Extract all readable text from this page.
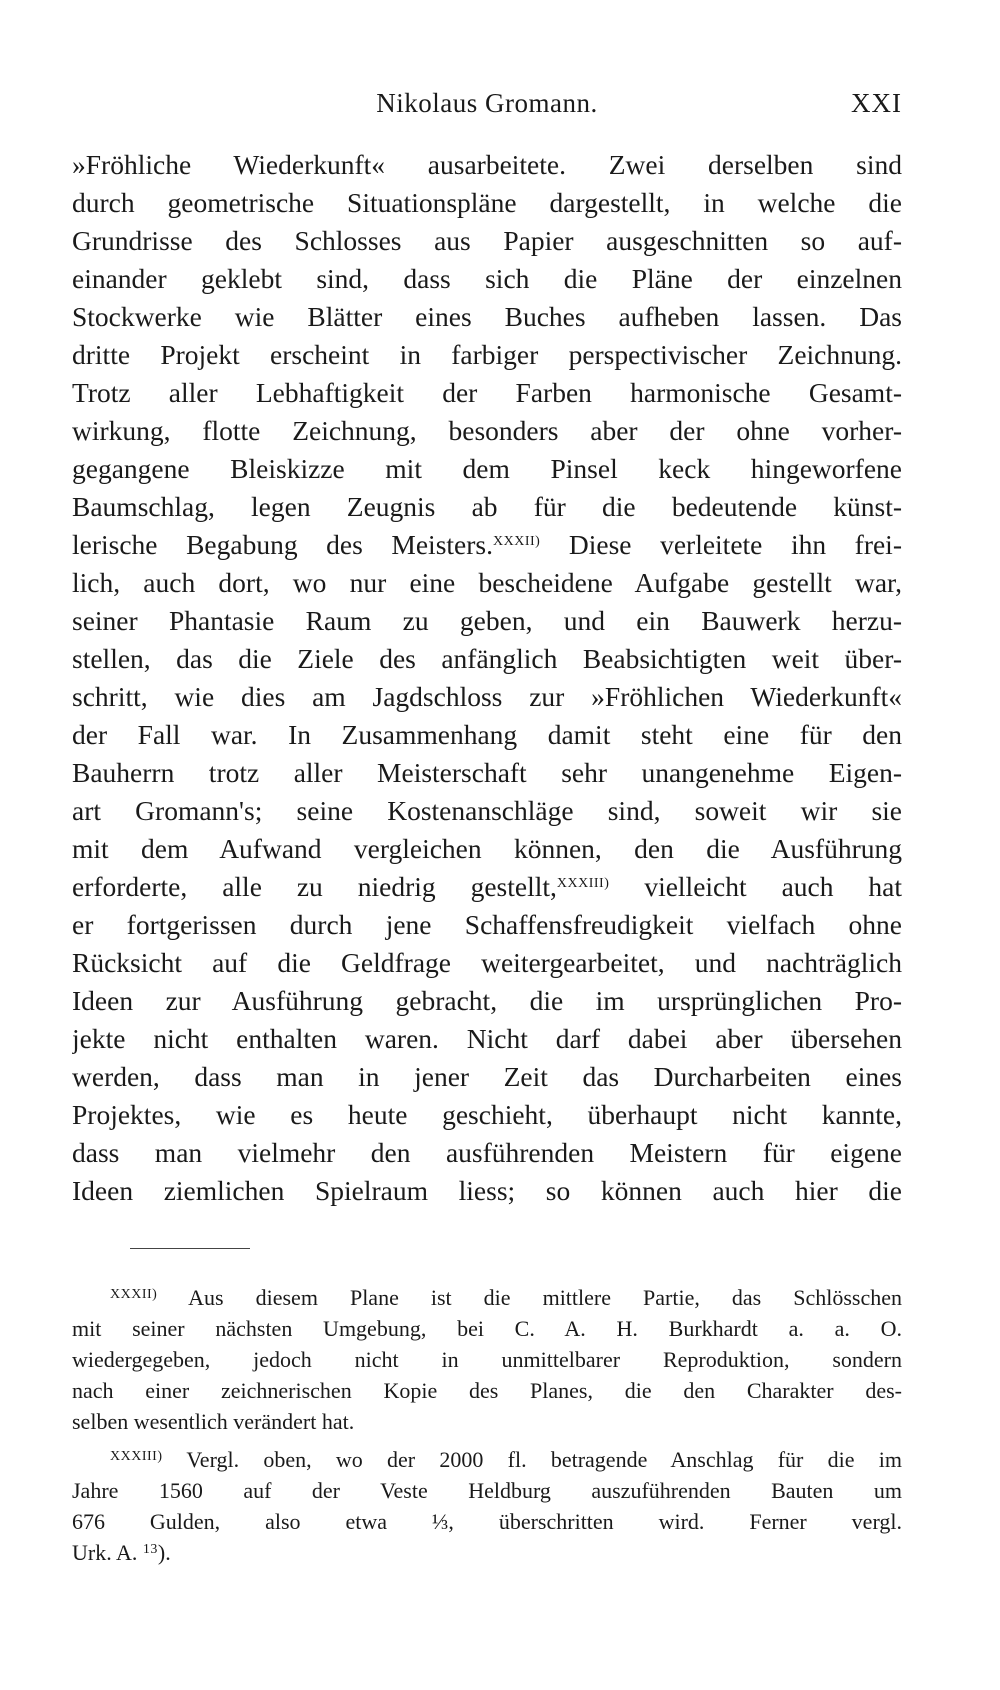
Nikolaus Gromann.	XXI
»Fröhliche Wiederkunft« ausarbeitete. Zwei derselben sind
durch geometrische Situationspläne dargestellt, in welche die
Grundrisse des Schlosses aus Papier ausgeschnitten so auf-
einander geklebt sind, dass sich die Pläne der einzelnen
Stockwerke wie Blätter eines Buches aufheben lassen. Das
dritte Projekt erscheint in farbiger perspectivischer Zeichnung.
Trotz aller Lebhaftigkeit der Farben harmonische Gesamt-
wirkung, flotte Zeichnung, besonders aber der ohne vorher-
gegangene Bleiskizze mit dem Pinsel keck hingeworfene
Baumschlag, legen Zeugnis ab für die bedeutende künst-
lerische Begabung des Meisters.$^{XXXII)}$ Diese verleitete ihn frei-
lich, auch dort, wo nur eine bescheidene Aufgabe gestellt war,
seiner Phantasie Raum zu geben, und ein Bauwerk herzu-
stellen, das die Ziele des anfänglich Beabsichtigten weit über-
schritt, wie dies am Jagdschloss zur »Fröhlichen Wiederkunft«
der Fall war. In Zusammenhang damit steht eine für den
Bauherrn trotz aller Meisterschaft sehr unangenehme Eigen-
art Gromann's; seine Kostenanschläge sind, soweit wir sie
mit dem Aufwand vergleichen können, den die Ausführung
erforderte, alle zu niedrig gestellt,$^{XXXIII)}$ vielleicht auch hat
er fortgerissen durch jene Schaffensfreudigkeit vielfach ohne
Rücksicht auf die Geldfrage weitergearbeitet, und nachträglich
Ideen zur Ausführung gebracht, die im ursprünglichen Pro-
jekte nicht enthalten waren. Nicht darf dabei aber übersehen
werden, dass man in jener Zeit das Durcharbeiten eines
Projektes, wie es heute geschieht, überhaupt nicht kannte,
dass man vielmehr den ausführenden Meistern für eigene
Ideen ziemlichen Spielraum liess; so können auch hier die
$^{XXXII)}$ Aus diesem Plane ist die mittlere Partie, das Schlösschen
mit seiner nächsten Umgebung, bei C. A. H. Burkhardt a. a. O.
wiedergegeben, jedoch nicht in unmittelbarer Reproduktion, sondern
nach einer zeichnerischen Kopie des Planes, die den Charakter des-
selben wesentlich verändert hat.
$^{XXXIII)}$ Vergl. oben, wo der 2000 fl. betragende Anschlag für die im
Jahre 1560 auf der Veste Heldburg auszuführenden Bauten um
676 Gulden, also etwa ⅓, überschritten wird. Ferner vergl.
Urk. A. $^{13}$).
